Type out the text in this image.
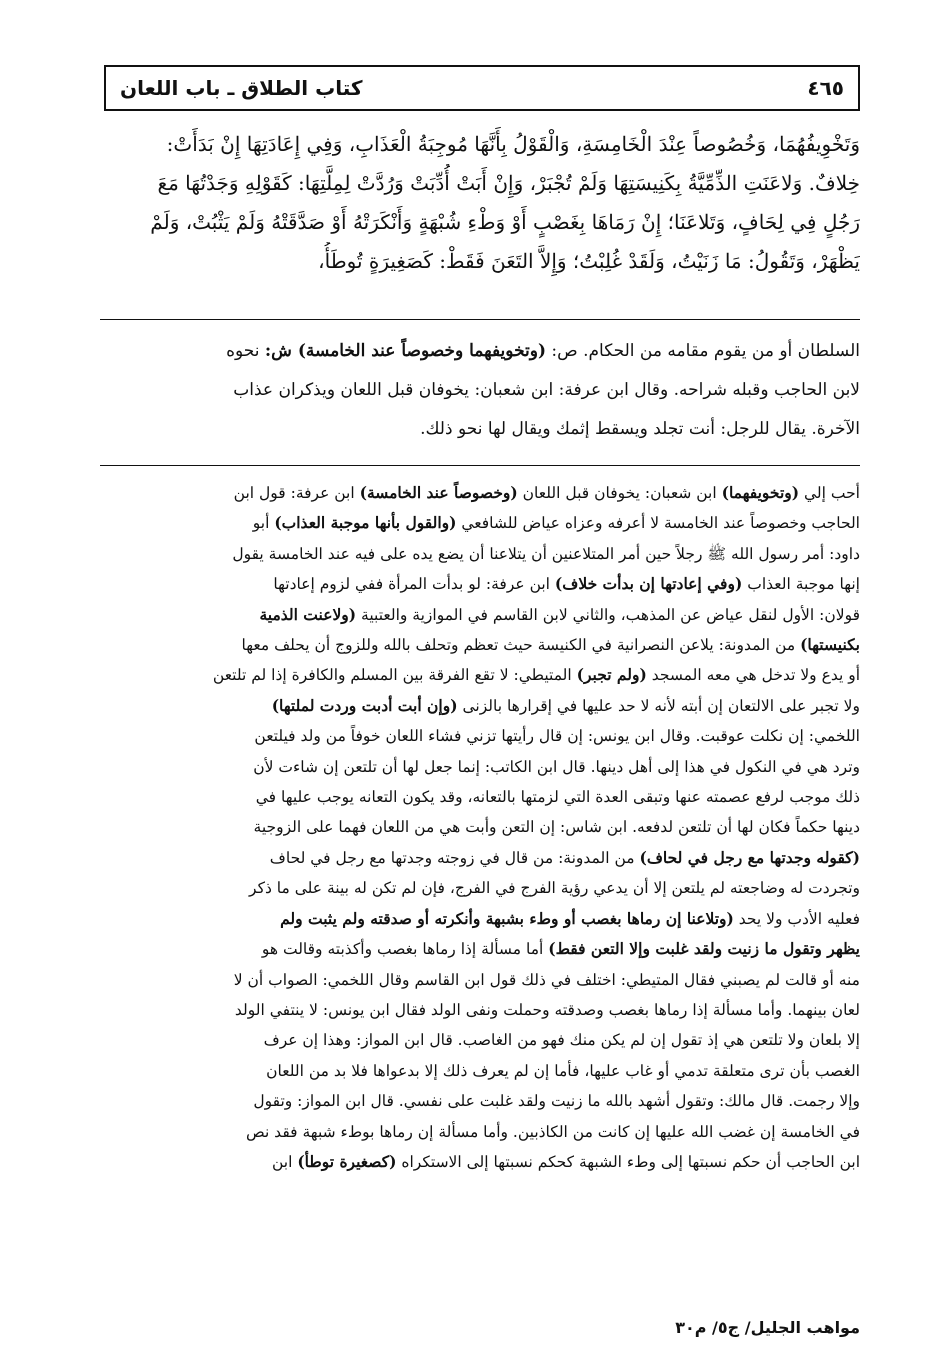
كتاب الطلاق ـ باب اللعان	٤٦٥
وَتَخْوِيفُهُمَا، وَخُصُوصاً عِنْدَ الْخَامِسَةِ، وَالْقَوْلُ بِأَنَّهَا مُوجِبَةُ الْعَذَابِ، وَفِي إِعَادَتِهَا إِنْ بَدَأَتْ:
خِلافٌ. وَلاعَنَتِ الذِّمِّيَّةُ بِكَنِيسَتِهَا وَلَمْ تُجْبَرْ، وَإِنْ أَبَتْ أُدِّبَتْ وَرُدَّتْ لِمِلَّتِهَا: كَقَوْلِهِ وَجَدْتُهَا مَعَ
رَجُلٍ فِي لِحَافٍ، وَتَلاعَنَا؛ إِنْ رَمَاهَا بِغَصْبٍ أَوْ وَطْءِ شُبْهَةٍ وَأَنْكَرَتْهُ أَوْ صَدَّقَتْهُ وَلَمْ يَثْبُتْ، وَلَمْ
يَظْهَرْ، وَتَقُولُ: مَا زَنَيْتُ، وَلَقَدْ غُلِبْتُ؛ وَإِلاَّ التَعَنَ فَقَطْ: كَصَغِيرَةٍ تُوطَأُ،
السلطان أو من يقوم مقامه من الحكام. ص: (وتخويفهما وخصوصاً عند الخامسة) ش: نحوه
لابن الحاجب وقبله شراحه. وقال ابن عرفة: ابن شعبان: يخوفان قبل اللعان ويذكران عذاب
الآخرة. يقال للرجل: أنت تجلد ويسقط إثمك ويقال لها نحو ذلك.
أحب إلي (وتخويفهما) ابن شعبان: يخوفان قبل اللعان (وخصوصاً عند الخامسة) ابن عرفة: قول ابن
الحاجب وخصوصاً عند الخامسة لا أعرفه وعزاه عياض للشافعي (والقول بأنها موجبة العذاب) أبو
داود: أمر رسول الله ﷺ رجلاً حين أمر المتلاعنين أن يتلاعنا أن يضع يده على فيه عند الخامسة يقول
إنها موجبة العذاب (وفي إعادتها إن بدأت خلاف) ابن عرفة: لو بدأت المرأة ففي لزوم إعادتها
قولان: الأول لنقل عياض عن المذهب، والثاني لابن القاسم في الموازية والعتبية (ولاعنت الذمية
بكنيستها) من المدونة: يلاعن النصرانية في الكنيسة حيث تعظم وتحلف بالله وللزوج أن يحلف معها
أو يدع ولا تدخل هي معه المسجد (ولم تجبر) المتيطي: لا تقع الفرقة بين المسلم والكافرة إذا لم تلتعن
ولا تجبر على الالتعان إن أبته لأنه لا حد عليها في إقرارها بالزنى (وإن أبت أدبت وردت لملتها)
اللخمي: إن نكلت عوقبت. وقال ابن يونس: إن قال رأيتها تزني فشاء اللعان خوفاً من ولد فيلتعن
وترد هي في النكول في هذا إلى أهل دينها. قال ابن الكاتب: إنما جعل لها أن تلتعن إن شاءت لأن
ذلك موجب لرفع عصمته عنها وتبقى العدة التي لزمتها بالتعانه، وقد يكون التعانه يوجب عليها في
دينها حكماً فكان لها أن تلتعن لدفعه. ابن شاس: إن التعن وأبت هي من اللعان فهما على الزوجية
(كقوله وجدتها مع رجل في لحاف) من المدونة: من قال في زوجته وجدتها مع رجل في لحاف
وتجردت له وضاجعته لم يلتعن إلا أن يدعي رؤية الفرج في الفرج، فإن لم تكن له بينة على ما ذكر
فعليه الأدب ولا يحد (وتلاعنا إن رماها بغصب أو وطء بشبهة وأنكرته أو صدقته ولم يثبت ولم
يظهر وتقول ما زنيت ولقد غلبت وإلا التعن فقط) أما مسألة إذا رماها بغصب وأكذبته وقالت هو
منه أو قالت لم يصبني فقال المتيطي: اختلف في ذلك قول ابن القاسم وقال اللخمي: الصواب أن لا
لعان بينهما. وأما مسألة إذا رماها بغصب وصدقته وحملت ونفى الولد فقال ابن يونس: لا ينتفي الولد
إلا بلعان ولا تلتعن هي إذ تقول إن لم يكن منك فهو من الغاصب. قال ابن المواز: وهذا إن عرف
الغصب بأن ترى متعلقة تدمي أو غاب عليها، فأما إن لم يعرف ذلك إلا بدعواها فلا بد من اللعان
وإلا رجمت. قال مالك: وتقول أشهد بالله ما زنيت ولقد غلبت على نفسي. قال ابن المواز: وتقول
في الخامسة إن غضب الله عليها إن كانت من الكاذبين. وأما مسألة إن رماها بوطء شبهة فقد نص
ابن الحاجب أن حكم نسبتها إلى وطء الشبهة كحكم نسبتها إلى الاستكراه (كصغيرة توطأ) ابن
مواهب الجليل/ ج٥/ م٣٠
